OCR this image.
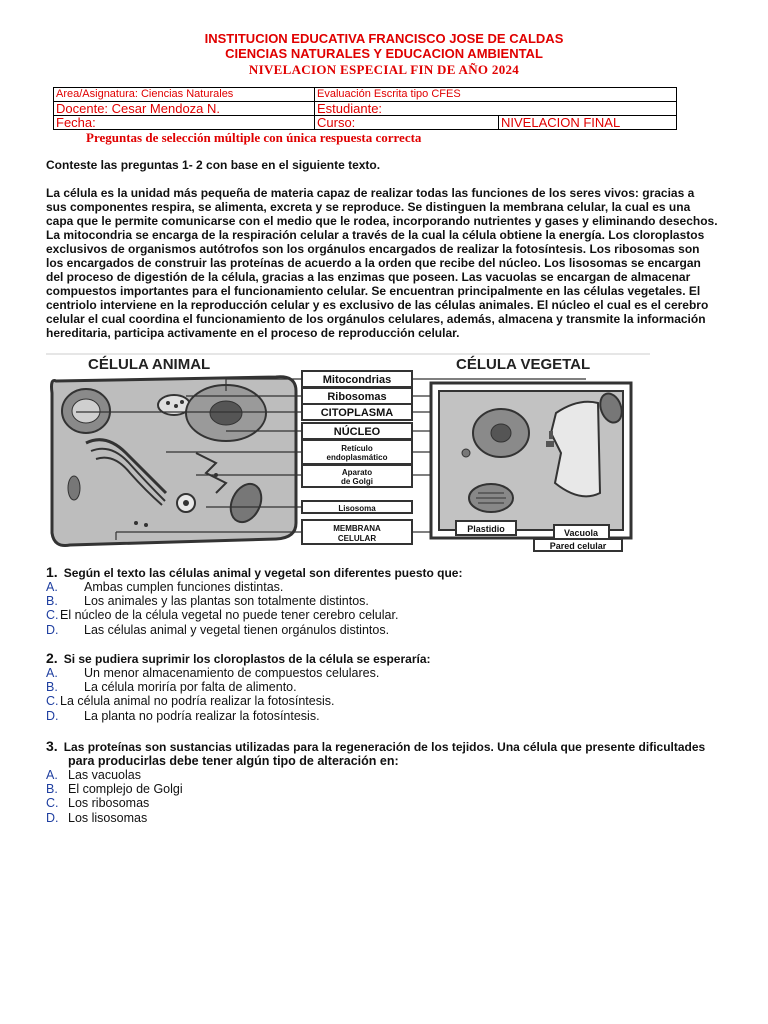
INSTITUCION EDUCATIVA FRANCISCO JOSE DE CALDAS
CIENCIAS NATURALES Y EDUCACION AMBIENTAL
NIVELACION ESPECIAL FIN DE AÑO 2024
Area/Asignatura: Ciencias Naturales	Evaluación Escrita tipo CFES	
Docente: Cesar Mendoza N.	Estudiante:	
Fecha:	Curso:	NIVELACION FINAL
Preguntas de selección múltiple con única respuesta correcta
Conteste las preguntas 1- 2 con base en el siguiente texto.
La célula es la unidad más pequeña de materia capaz de realizar todas las funciones de los seres vivos: gracias a
sus componentes respira, se alimenta, excreta y se reproduce. Se distinguen la membrana celular, la cual es una
capa que le permite comunicarse con el medio que le rodea, incorporando nutrientes y gases y eliminando desechos.
La mitocondria se encarga de la respiración celular a través de la cual la célula obtiene la energía. Los cloroplastos
exclusivos de organismos autótrofos son los orgánulos encargados de realizar la fotosíntesis. Los ribosomas son
los encargados de construir las proteínas de acuerdo a la orden que recibe del núcleo. Los lisosomas se encargan
del proceso de digestión de la célula, gracias a las enzimas que poseen. Las vacuolas se encargan de almacenar
compuestos importantes para el funcionamiento celular. Se encuentran principalmente en las células vegetales. El
centriolo interviene en la reproducción celular y es exclusivo de las células animales. El núcleo el cual es el cerebro
celular el cual coordina el funcionamiento de los orgánulos celulares, además, almacena y transmite la información
hereditaria, participa activamente en el proceso de reproducción celular.
CÉLULA ANIMAL	CÉLULA VEGETAL
Mitocondrias
Ribosomas
CITOPLASMA
NÚCLEO
Retículo
endoplasmático
Aparato
de Golgi
Lisosoma
MEMBRANA
CELULAR
Plastidio	Vacuola
Pared celular
1. Según el texto las células animal y vegetal son diferentes puesto que:
A. Ambas cumplen funciones distintas.
B. Los animales y las plantas son totalmente distintos.
C. El núcleo de la célula vegetal no puede tener cerebro celular.
D. Las células animal y vegetal tienen orgánulos distintos.
2. Si se pudiera suprimir los cloroplastos de la célula se esperaría:
A. Un menor almacenamiento de compuestos celulares.
B. La célula moriría por falta de alimento.
C. La célula animal no podría realizar la fotosíntesis.
D. La planta no podría realizar la fotosíntesis.
3. Las proteínas son sustancias utilizadas para la regeneración de los tejidos. Una célula que presente dificultades
para producirlas debe tener algún tipo de alteración en:
A. Las vacuolas
B. El complejo de Golgi
C. Los ribosomas
D. Los lisosomas
